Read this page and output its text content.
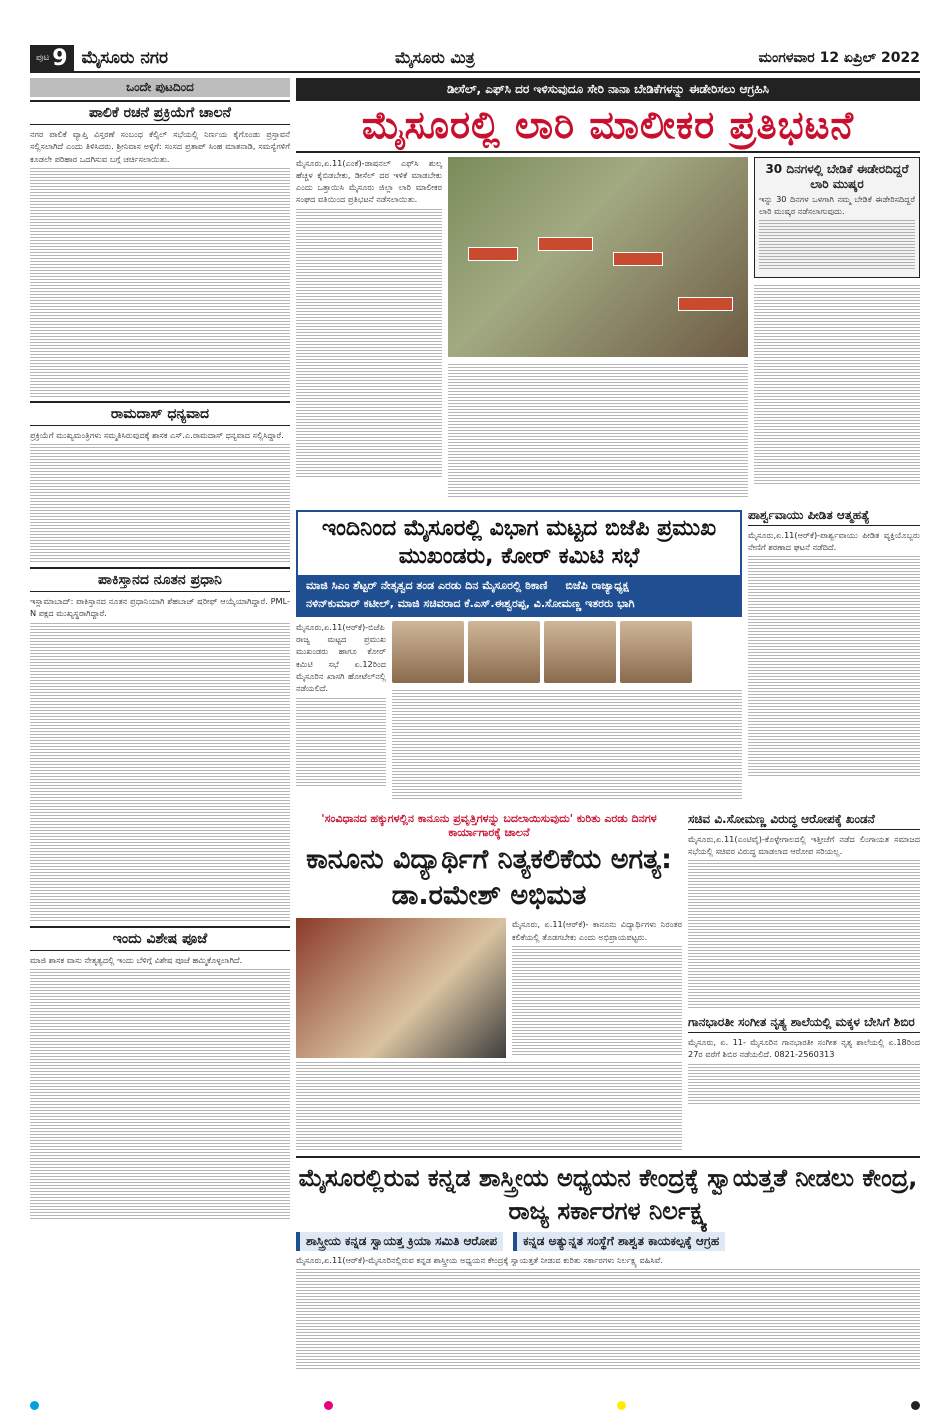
ಪುಟ 9 ಮೈಸೂರು ನಗರ	ಮೈಸೂರು ಮಿತ್ರ	ಮಂಗಳವಾರ 12 ಏಪ್ರಿಲ್ 2022
ಒಂದೇ ಪುಟದಿಂದ
ಪಾಲಿಕೆ ರಚನೆ ಪ್ರಕ್ರಿಯೆಗೆ ಚಾಲನೆ

ನಗರ ಪಾಲಿಕೆ ವ್ಯಾಪ್ತಿ ವಿಸ್ತರಣೆ ಸಂಬಂಧ ಕೆಲ್ಸಿಲ್ ಸಭೆಯಲ್ಲಿ ನಿರ್ಣಯ ಕೈಗೊಂಡು ಪ್ರಸ್ತಾವನೆ ಸಲ್ಲಿಸಲಾಗಿದೆ ಎಂದು ತಿಳಿಸಿದರು. ಶ್ರೀನಿವಾಸ ಅಳ್ಳಿಗೆ: ಸಂಸದ ಪ್ರತಾಪ್ ಸಿಂಹ ಮಾತನಾಡಿ, ಸಮಸ್ಯೆಗಳಿಗೆ ಕೂಡಲೇ ಪರಿಹಾರ ಒದಗಿಸುವ ಬಗ್ಗೆ ಚರ್ಚಿಸಲಾಯಿತು.

ರಾಮದಾಸ್ ಧನ್ಯವಾದ

ಪ್ರಕ್ರಿಯೆಗೆ ಮುಖ್ಯಮಂತ್ರಿಗಳು ಸಮ್ಮತಿಸಿರುವುದಕ್ಕೆ ಶಾಸಕ ಎಸ್.ಎ.ರಾಮದಾಸ್ ಧನ್ಯವಾದ ಸಲ್ಲಿಸಿದ್ದಾರೆ.

ಪಾಕಿಸ್ತಾನದ ನೂತನ ಪ್ರಧಾನಿ

ಇಸ್ಲಾಮಾಬಾದ್: ಪಾಕಿಸ್ತಾನದ ನೂತನ ಪ್ರಧಾನಿಯಾಗಿ ಶೆಹಬಾಜ್ ಷರೀಫ್ ಆಯ್ಕೆಯಾಗಿದ್ದಾರೆ. PML-N ಪಕ್ಷದ ಮುಖ್ಯಸ್ಥರಾಗಿದ್ದಾರೆ.

ಇಂದು ವಿಶೇಷ ಪೂಜೆ

ಮಾಜಿ ಶಾಸಕ ವಾಸು ನೇತೃತ್ವದಲ್ಲಿ ಇಂದು ಬೆಳಿಗ್ಗೆ ವಿಶೇಷ ಪೂಜೆ ಹಮ್ಮಿಕೊಳ್ಳಲಾಗಿದೆ.

ಡೀಸೆಲ್, ಎಫ್‌ಸಿ ದರ ಇಳಿಸುವುದೂ ಸೇರಿ ನಾನಾ ಬೇಡಿಕೆಗಳನ್ನು ಈಡೇರಿಸಲು ಆಗ್ರಹಿಸಿ
ಮೈಸೂರಲ್ಲಿ ಲಾರಿ ಮಾಲೀಕರ ಪ್ರತಿಭಟನೆ

ಮೈಸೂರು,ಏ.11(ಎಂಕೆ)-ಡಾಷನಲ್ ಎಫ್‌ಸಿ ಶುಲ್ಕ ಹೆಚ್ಚಳ ಕೈಬಿಡಬೇಕು, ಡೀಸೆಲ್ ದರ ಇಳಿಕೆ ಮಾಡಬೇಕು ಎಂದು ಒತ್ತಾಯಿಸಿ ಮೈಸೂರು ಜಿಲ್ಲಾ ಲಾರಿ ಮಾಲೀಕರ ಸಂಘದ ವತಿಯಿಂದ ಪ್ರತಿಭಟನೆ ನಡೆಸಲಾಯಿತು.

30 ದಿನಗಳಲ್ಲಿ ಬೇಡಿಕೆ ಈಡೇರದಿದ್ದರೆ ಲಾರಿ ಮುಷ್ಕರ

ಇನ್ನು 30 ದಿನಗಳ ಒಳಗಾಗಿ ನಮ್ಮ ಬೇಡಿಕೆ ಈಡೇರಿಸದಿದ್ದರೆ ಲಾರಿ ಮುಷ್ಕರ ನಡೆಸಲಾಗುವುದು.

ಇಂದಿನಿಂದ ಮೈಸೂರಲ್ಲಿ ವಿಭಾಗ ಮಟ್ಟದ ಬಿಜೆಪಿ ಪ್ರಮುಖ ಮುಖಂಡರು, ಕೋರ್ ಕಮಿಟಿ ಸಭೆ
ಮಾಜಿ ಸಿಎಂ ಶೆಟ್ಟರ್ ನೇತೃತ್ವದ ತಂಡ ಎರಡು ದಿನ ಮೈಸೂರಲ್ಲಿ ಠಿಕಾಣಿ ಬಿಜೆಪಿ ರಾಜ್ಯಾಧ್ಯಕ್ಷ
ನಳಿನ್‌ಕುಮಾರ್ ಕಟೀಲ್, ಮಾಜಿ ಸಚಿವರಾದ ಕೆ.ಎಸ್.ಈಶ್ವರಪ್ಪ, ವಿ.ಸೋಮಣ್ಣ ಇತರರು ಭಾಗಿ

ಮೈಸೂರು,ಏ.11(ಆರ್‌ಕೆ)-ಬಿಜೆಪಿ ರಾಜ್ಯ ಮಟ್ಟದ ಪ್ರಮುಖ ಮುಖಂಡರು ಹಾಗೂ ಕೋರ್ ಕಮಿಟಿ ಸಭೆ ಏ.12ರಿಂದ ಮೈಸೂರಿನ ಖಾಸಗಿ ಹೋಟೆಲ್‌ನಲ್ಲಿ ನಡೆಯಲಿದೆ.

ಪಾರ್ಶ್ವವಾಯು ಪೀಡಿತ ಆತ್ಮಹತ್ಯೆ

ಮೈಸೂರು,ಏ.11(ಆರ್‌ಕೆ)-ಪಾರ್ಶ್ವವಾಯು ಪೀಡಿತ ವ್ಯಕ್ತಿಯೊಬ್ಬರು ನೇಣಿಗೆ ಶರಣಾದ ಘಟನೆ ನಡೆದಿದೆ.

'ಸಂವಿಧಾನದ ಹಕ್ಕುಗಳಲ್ಲಿನ ಕಾನೂನು ಪ್ರವೃತ್ತಿಗಳನ್ನು ಬದಲಾಯಿಸುವುದು' ಕುರಿತು ಎರಡು ದಿನಗಳ ಕಾರ್ಯಾಗಾರಕ್ಕೆ ಚಾಲನೆ
ಕಾನೂನು ವಿದ್ಯಾರ್ಥಿಗೆ ನಿತ್ಯಕಲಿಕೆಯ ಅಗತ್ಯ: ಡಾ.ರಮೇಶ್ ಅಭಿಮತ

ಮೈಸೂರು, ಏ.11(ಆರ್‌ಕೆ)- ಕಾನೂನು ವಿದ್ಯಾರ್ಥಿಗಳು ನಿರಂತರ ಕಲಿಕೆಯಲ್ಲಿ ತೊಡಗಬೇಕು ಎಂದು ಅಭಿಪ್ರಾಯಪಟ್ಟರು.

ಸಚಿವ ವಿ.ಸೋಮಣ್ಣ ವಿರುದ್ಧ ಆರೋಪಕ್ಕೆ ಖಂಡನೆ

ಮೈಸೂರು,ಏ.11(ಎಂಟಿವೈ)-ಕೊಳ್ಳೇಗಾಲದಲ್ಲಿ ಇತ್ತೀಚೆಗೆ ನಡೆದ ಲಿಂಗಾಯತ ಸಮಾಜದ ಸಭೆಯಲ್ಲಿ ಸಚಿವರ ವಿರುದ್ಧ ಮಾಡಲಾದ ಆರೋಪ ಸರಿಯಲ್ಲ.

ಗಾನಭಾರತೀ ಸಂಗೀತ ನೃತ್ಯ ಶಾಲೆಯಲ್ಲಿ ಮಕ್ಕಳ ಬೇಸಿಗೆ ಶಿಬಿರ

ಮೈಸೂರು, ಏ. 11- ಮೈಸೂರಿನ ಗಾನಭಾರತೀ ಸಂಗೀತ ನೃತ್ಯ ಶಾಲೆಯಲ್ಲಿ ಏ.18ರಿಂದ 27ರ ವರೆಗೆ ಶಿಬಿರ ನಡೆಯಲಿದೆ. 0821-2560313

ಮೈಸೂರಲ್ಲಿರುವ ಕನ್ನಡ ಶಾಸ್ತ್ರೀಯ ಅಧ್ಯಯನ ಕೇಂದ್ರಕ್ಕೆ ಸ್ವಾಯತ್ತತೆ ನೀಡಲು ಕೇಂದ್ರ, ರಾಜ್ಯ ಸರ್ಕಾರಗಳ ನಿರ್ಲಕ್ಷ್ಯ
ಶಾಸ್ತ್ರೀಯ ಕನ್ನಡ ಸ್ವಾಯತ್ತ ಕ್ರಿಯಾ ಸಮಿತಿ ಆರೋಪ	ಕನ್ನಡ ಅತ್ಯುನ್ನತ ಸಂಸ್ಥೆಗೆ ಶಾಶ್ವತ ಕಾಯಕಲ್ಪಕ್ಕೆ ಆಗ್ರಹ

ಮೈಸೂರು,ಏ.11(ಆರ್‌ಕೆ)-ಮೈಸೂರಿನಲ್ಲಿರುವ ಕನ್ನಡ ಶಾಸ್ತ್ರೀಯ ಅಧ್ಯಯನ ಕೇಂದ್ರಕ್ಕೆ ಸ್ವಾಯತ್ತತೆ ನೀಡುವ ಕುರಿತು ಸರ್ಕಾರಗಳು ನಿರ್ಲಕ್ಷ್ಯ ವಹಿಸಿವೆ.
